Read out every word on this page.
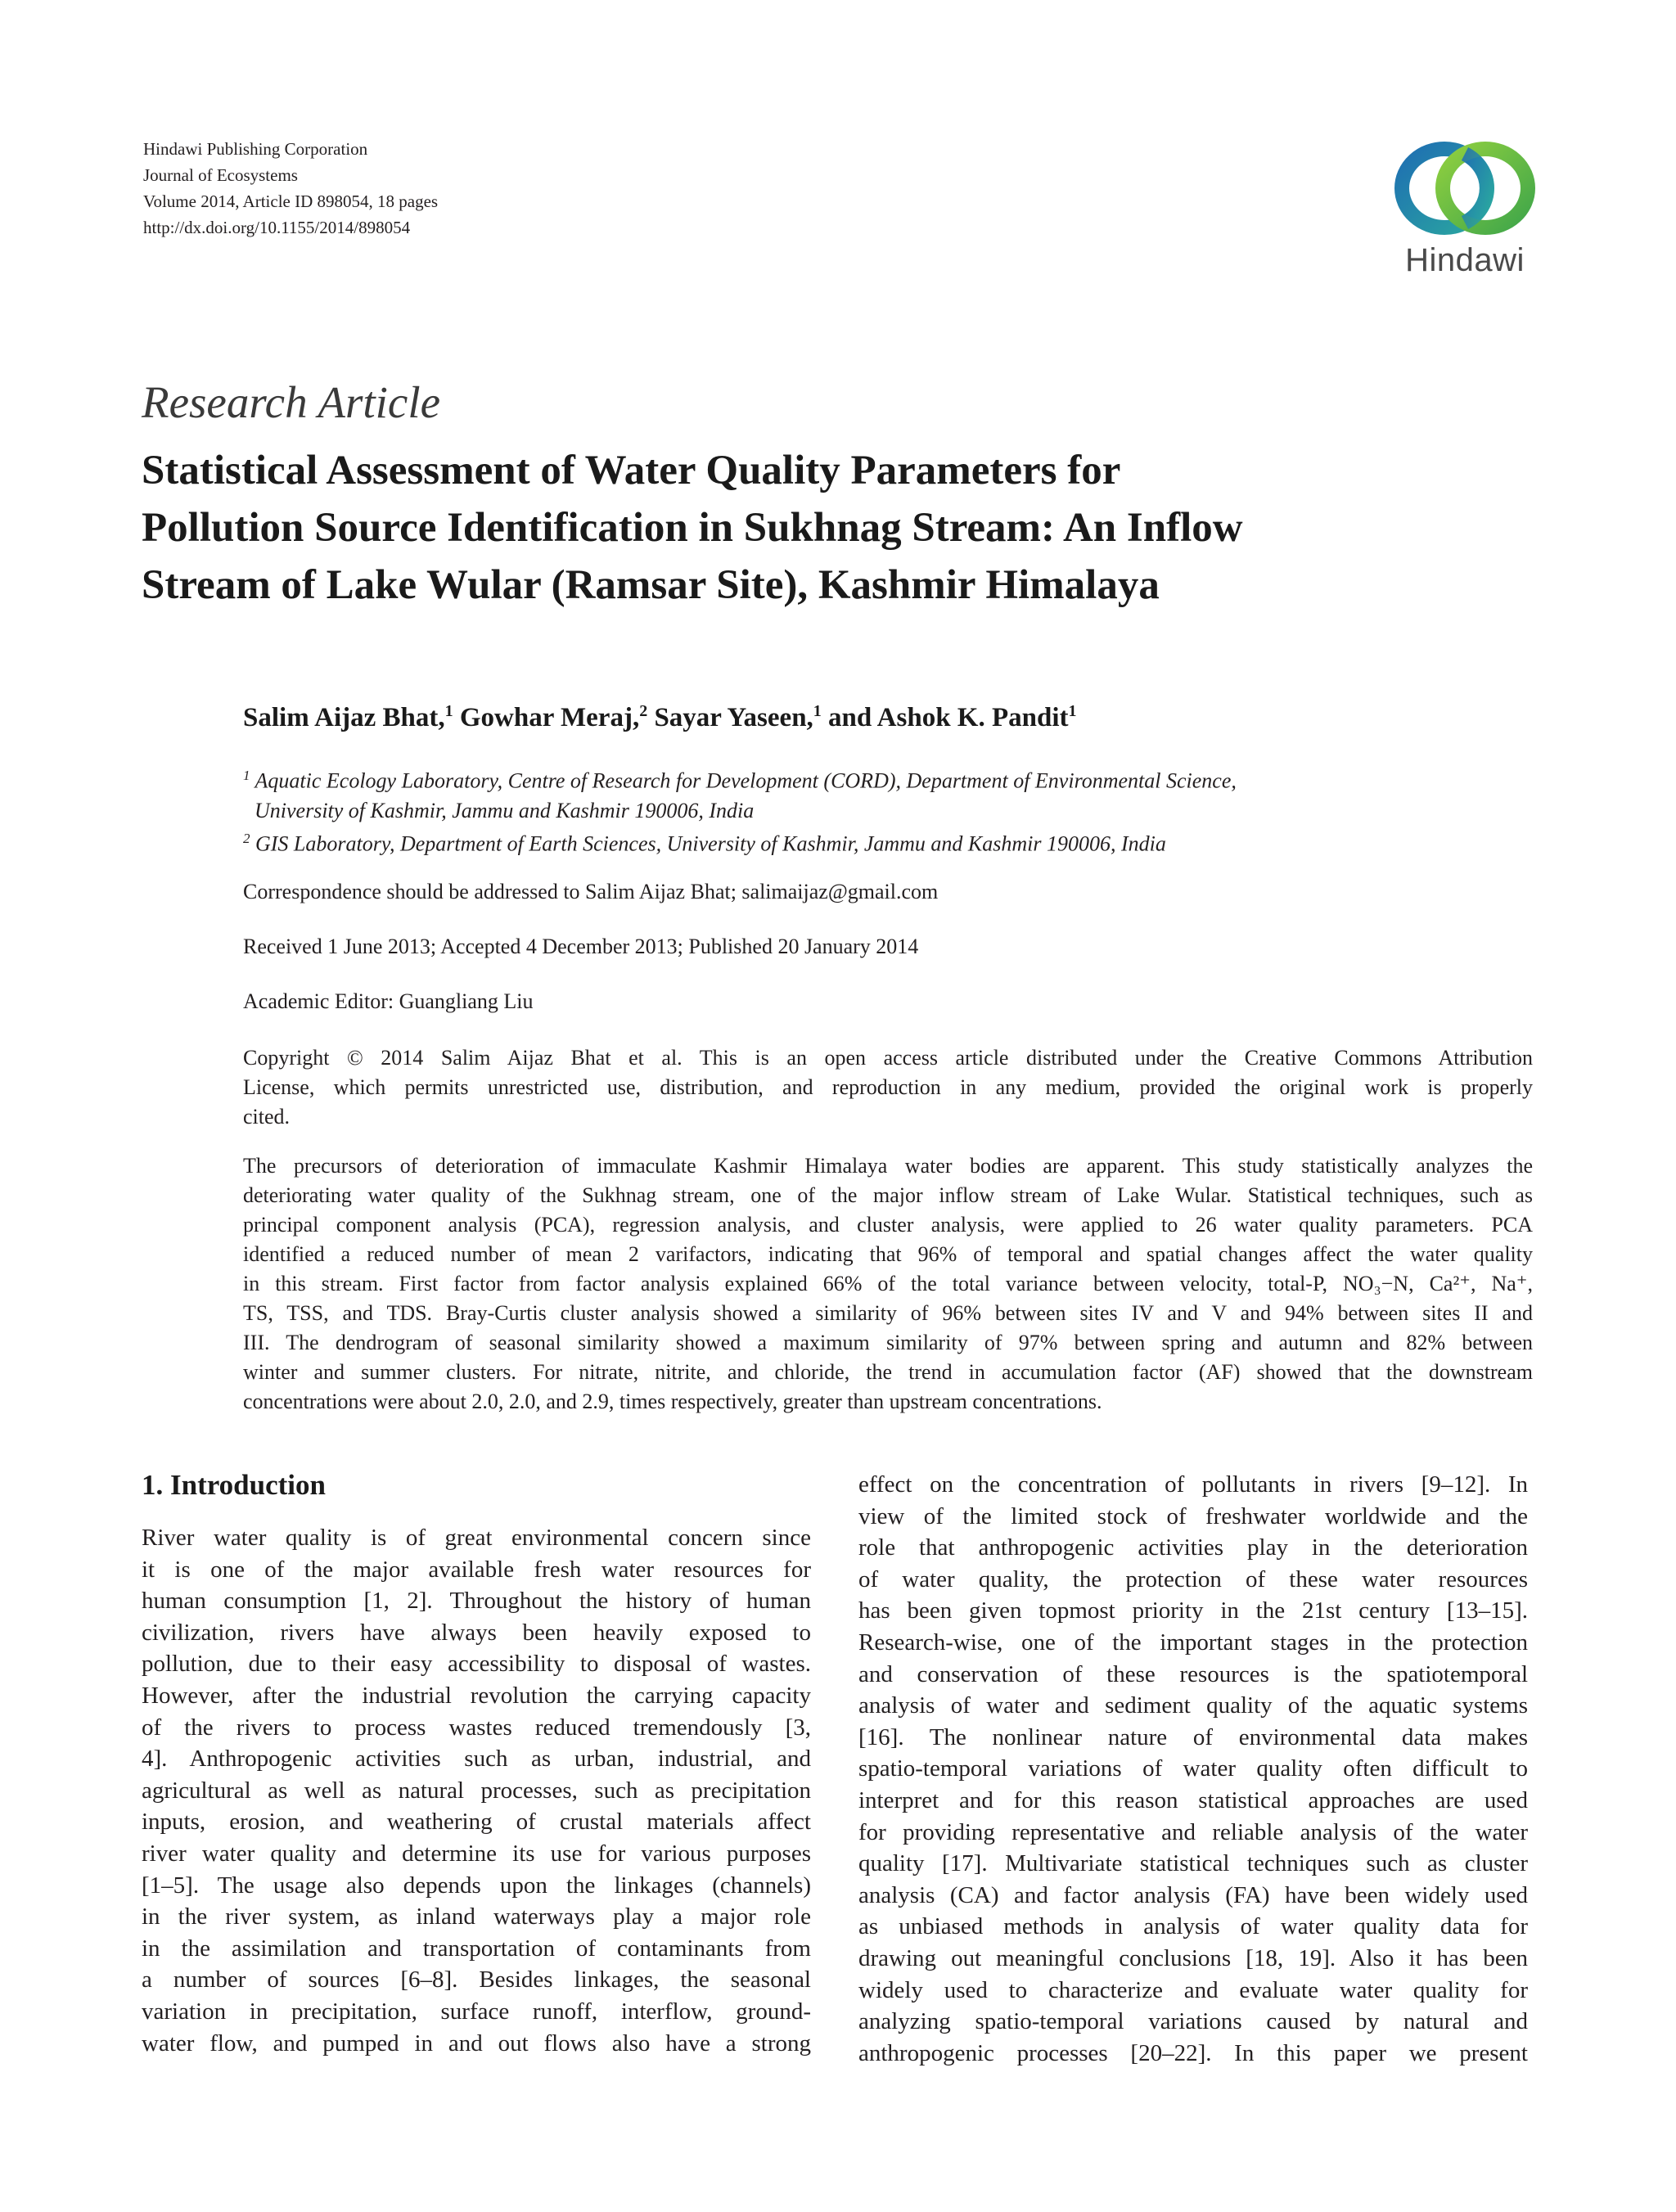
Hindawi Publishing Corporation
Journal of Ecosystems
Volume 2014, Article ID 898054, 18 pages
http://dx.doi.org/10.1155/2014/898054
Hindawi
Research Article
Statistical Assessment of Water Quality Parameters for
Pollution Source Identification in Sukhnag Stream: An Inflow
Stream of Lake Wular (Ramsar Site), Kashmir Himalaya
Salim Aijaz Bhat,$^1$ Gowhar Meraj,$^2$ Sayar Yaseen,$^1$ and Ashok K. Pandit$^1$
$^1$ Aquatic Ecology Laboratory, Centre of Research for Development (CORD), Department of Environmental Science,
University of Kashmir, Jammu and Kashmir 190006, India
$^2$ GIS Laboratory, Department of Earth Sciences, University of Kashmir, Jammu and Kashmir 190006, India
Correspondence should be addressed to Salim Aijaz Bhat; salimaijaz@gmail.com
Received 1 June 2013; Accepted 4 December 2013; Published 20 January 2014
Academic Editor: Guangliang Liu
Copyright © 2014 Salim Aijaz Bhat et al. This is an open access article distributed under the Creative Commons Attribution
License, which permits unrestricted use, distribution, and reproduction in any medium, provided the original work is properly
cited.
The precursors of deterioration of immaculate Kashmir Himalaya water bodies are apparent. This study statistically analyzes the
deteriorating water quality of the Sukhnag stream, one of the major inflow stream of Lake Wular. Statistical techniques, such as
principal component analysis (PCA), regression analysis, and cluster analysis, were applied to 26 water quality parameters. PCA
identified a reduced number of mean 2 varifactors, indicating that 96% of temporal and spatial changes affect the water quality
in this stream. First factor from factor analysis explained 66% of the total variance between velocity, total-P, NO₃−N, Ca²⁺, Na⁺,
TS, TSS, and TDS. Bray-Curtis cluster analysis showed a similarity of 96% between sites IV and V and 94% between sites II and
III. The dendrogram of seasonal similarity showed a maximum similarity of 97% between spring and autumn and 82% between
winter and summer clusters. For nitrate, nitrite, and chloride, the trend in accumulation factor (AF) showed that the downstream
concentrations were about 2.0, 2.0, and 2.9, times respectively, greater than upstream concentrations.
1. Introduction
River water quality is of great environmental concern since
it is one of the major available fresh water resources for
human consumption [1, 2]. Throughout the history of human
civilization, rivers have always been heavily exposed to
pollution, due to their easy accessibility to disposal of wastes.
However, after the industrial revolution the carrying capacity
of the rivers to process wastes reduced tremendously [3,
4]. Anthropogenic activities such as urban, industrial, and
agricultural as well as natural processes, such as precipitation
inputs, erosion, and weathering of crustal materials affect
river water quality and determine its use for various purposes
[1–5]. The usage also depends upon the linkages (channels)
in the river system, as inland waterways play a major role
in the assimilation and transportation of contaminants from
a number of sources [6–8]. Besides linkages, the seasonal
variation in precipitation, surface runoff, interflow, ground-
water flow, and pumped in and out flows also have a strong
effect on the concentration of pollutants in rivers [9–12]. In
view of the limited stock of freshwater worldwide and the
role that anthropogenic activities play in the deterioration
of water quality, the protection of these water resources
has been given topmost priority in the 21st century [13–15].
Research-wise, one of the important stages in the protection
and conservation of these resources is the spatiotemporal
analysis of water and sediment quality of the aquatic systems
[16]. The nonlinear nature of environmental data makes
spatio-temporal variations of water quality often difficult to
interpret and for this reason statistical approaches are used
for providing representative and reliable analysis of the water
quality [17]. Multivariate statistical techniques such as cluster
analysis (CA) and factor analysis (FA) have been widely used
as unbiased methods in analysis of water quality data for
drawing out meaningful conclusions [18, 19]. Also it has been
widely used to characterize and evaluate water quality for
analyzing spatio-temporal variations caused by natural and
anthropogenic processes [20–22]. In this paper we present
